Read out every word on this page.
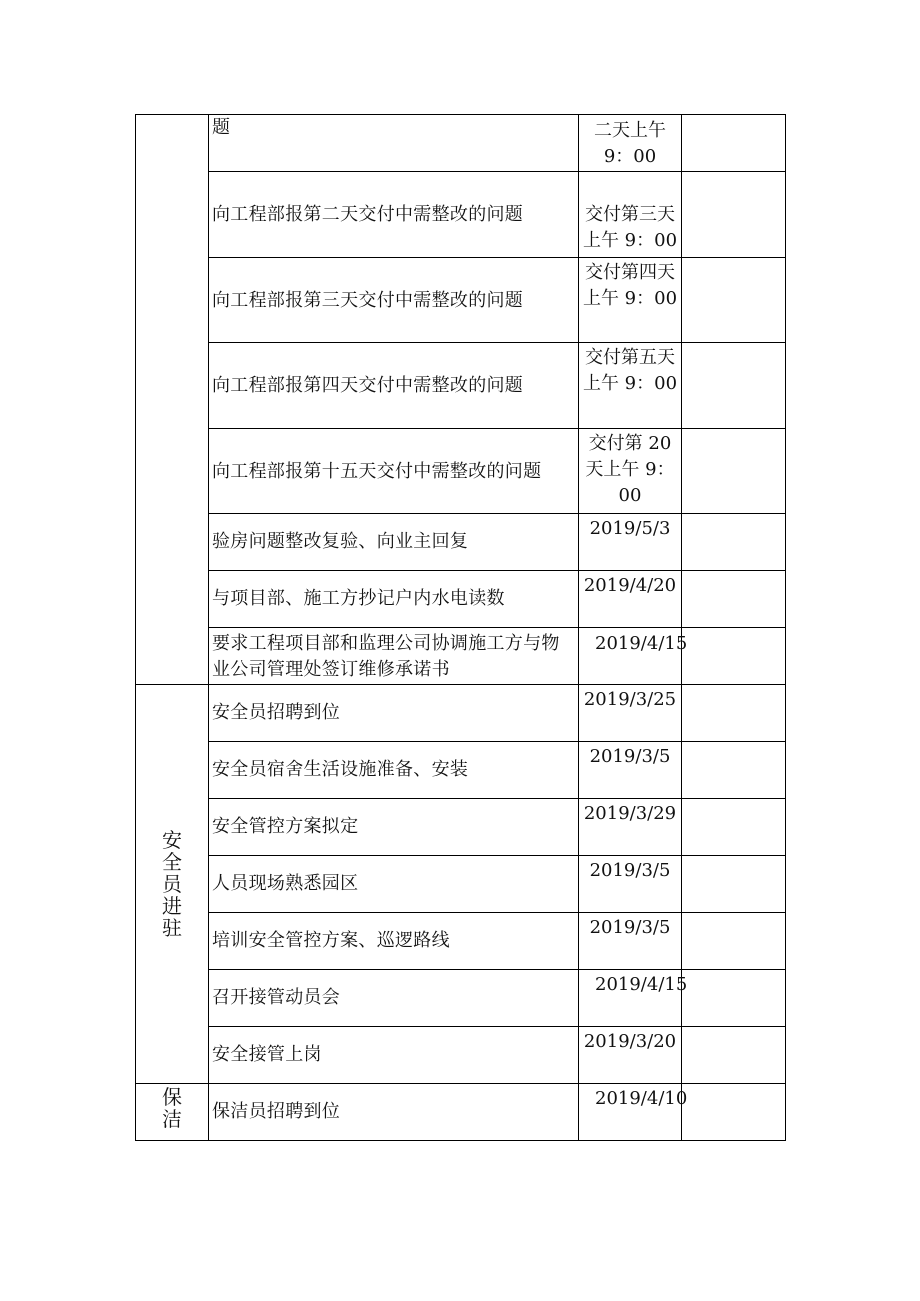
	题	二天上午 9：00	

	向工程部报第二天交付中需整改的问题	交付第三天上午 9：00	

	向工程部报第三天交付中需整改的问题	交付第四天上午 9：00	

	向工程部报第四天交付中需整改的问题	交付第五天上午 9：00	

	向工程部报第十五天交付中需整改的问题	交付第 20 天上午 9：00	

	验房问题整改复验、向业主回复	2019/5/3	

	与项目部、施工方抄记户内水电读数	2019/4/20	

	要求工程项目部和监理公司协调施工方与物业公司管理处签订维修承诺书	2019/4/15	

安全员进驻	安全员招聘到位	2019/3/25	

	安全员宿舍生活设施准备、安装	2019/3/5	

	安全管控方案拟定	2019/3/29	

	人员现场熟悉园区	2019/3/5	

	培训安全管控方案、巡逻路线	2019/3/5	

	召开接管动员会	2019/4/15	

	安全接管上岗	2019/3/20	

保洁	保洁员招聘到位	2019/4/10	
